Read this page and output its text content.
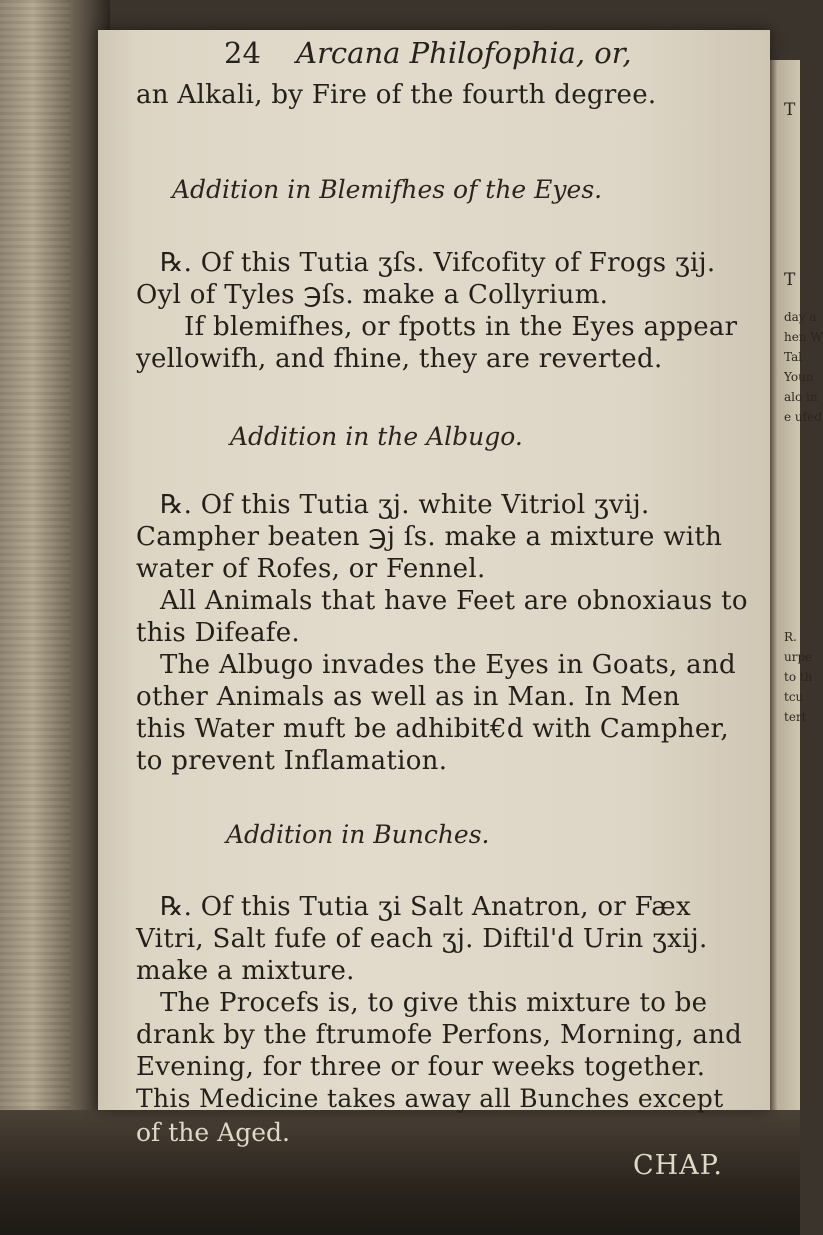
24 Arcana Philofophia, or,
an Alkali, by Fire of the fourth degree.
Addition in Blemifhes of the Eyes.
℞. Of this Tutia ʒſs. Vifcofity of Frogs ʒij.
Oyl of Tyles ℈ſs. make a Collyrium.
If blemifhes, or fpotts in the Eyes appear
yellowifh, and fhine, they are reverted.
Addition in the Albugo.
℞. Of this Tutia ʒj. white Vitriol ʒvij.
Campher beaten ℈j ſs. make a mixture with
water of Rofes, or Fennel.
All Animals that have Feet are obnoxiaus to
this Difeafe.
The Albugo invades the Eyes in Goats, and
other Animals as well as in Man. In Men
this Water muft be adhibit€d with Campher,
to prevent Inflamation.
Addition in Bunches.
℞. Of this Tutia ʒi Salt Anatron, or Fæx
Vitri, Salt fufe of each ʒj. Diftil'd Urin ʒxij.
make a mixture.
The Procefs is, to give this mixture to be
drank by the ftrumofe Perfons, Morning, and
Evening, for three or four weeks together.
T
T
day a
hen W
Tal
Youn
alo in
e ufed
R.
urpe
to th
tcu
tert
This Medicine takes away all Bunches except
of the Aged.
CHAP.
